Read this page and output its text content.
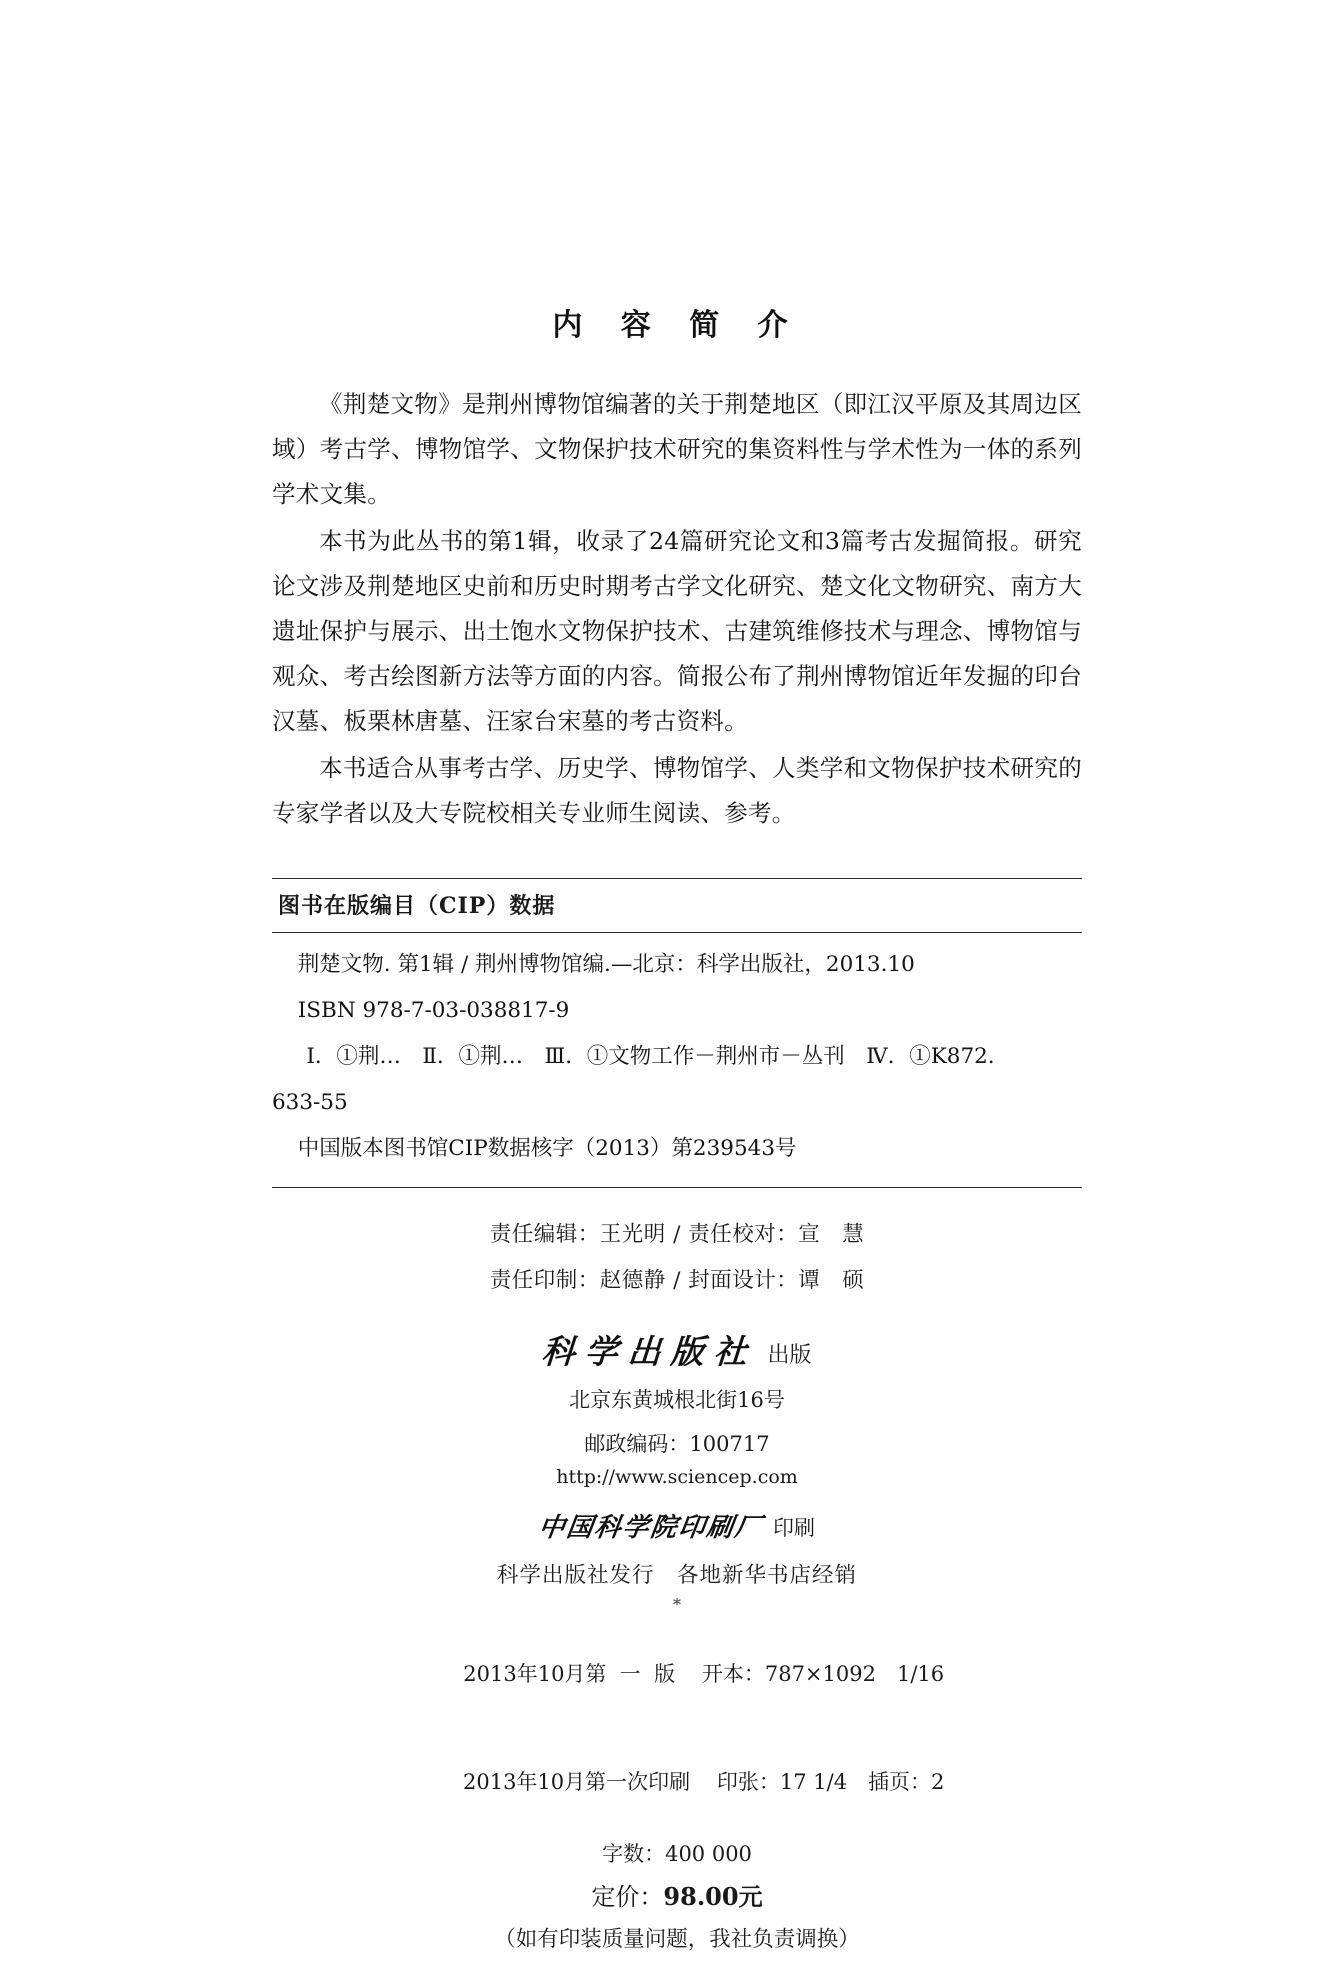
内 容 简 介

《荆楚文物》是荆州博物馆编著的关于荆楚地区（即江汉平原及其周边区域）考古学、博物馆学、文物保护技术研究的集资料性与学术性为一体的系列学术文集。

本书为此丛书的第1辑，收录了24篇研究论文和3篇考古发掘简报。研究论文涉及荆楚地区史前和历史时期考古学文化研究、楚文化文物研究、南方大遗址保护与展示、出土饱水文物保护技术、古建筑维修技术与理念、博物馆与观众、考古绘图新方法等方面的内容。简报公布了荆州博物馆近年发掘的印台汉墓、板栗林唐墓、汪家台宋墓的考古资料。

本书适合从事考古学、历史学、博物馆学、人类学和文物保护技术研究的专家学者以及大专院校相关专业师生阅读、参考。

图书在版编目（CIP）数据

荆楚文物. 第1辑 / 荆州博物馆编.—北京：科学出版社，2013.10

ISBN 978-7-03-038817-9

Ⅰ．①荆…　Ⅱ．①荆…　Ⅲ．①文物工作－荆州市－丛刊　Ⅳ．①K872.

633-55

中国版本图书馆CIP数据核字（2013）第239543号

责任编辑：王光明 / 责任校对：宣　慧

责任印制：赵德静 / 封面设计：谭　硕

科学出版社 出版
北京东黄城根北街16号
邮政编码：100717
http://www.sciencep.com
中国科学院印刷厂 印刷
科学出版社发行　各地新华书店经销
*

2013年10月第  一  版 开本：787×1092　1/16

2013年10月第一次印刷 印张：17 1/4　插页：2

字数：400 000
定价：98.00元
（如有印装质量问题，我社负责调换）
